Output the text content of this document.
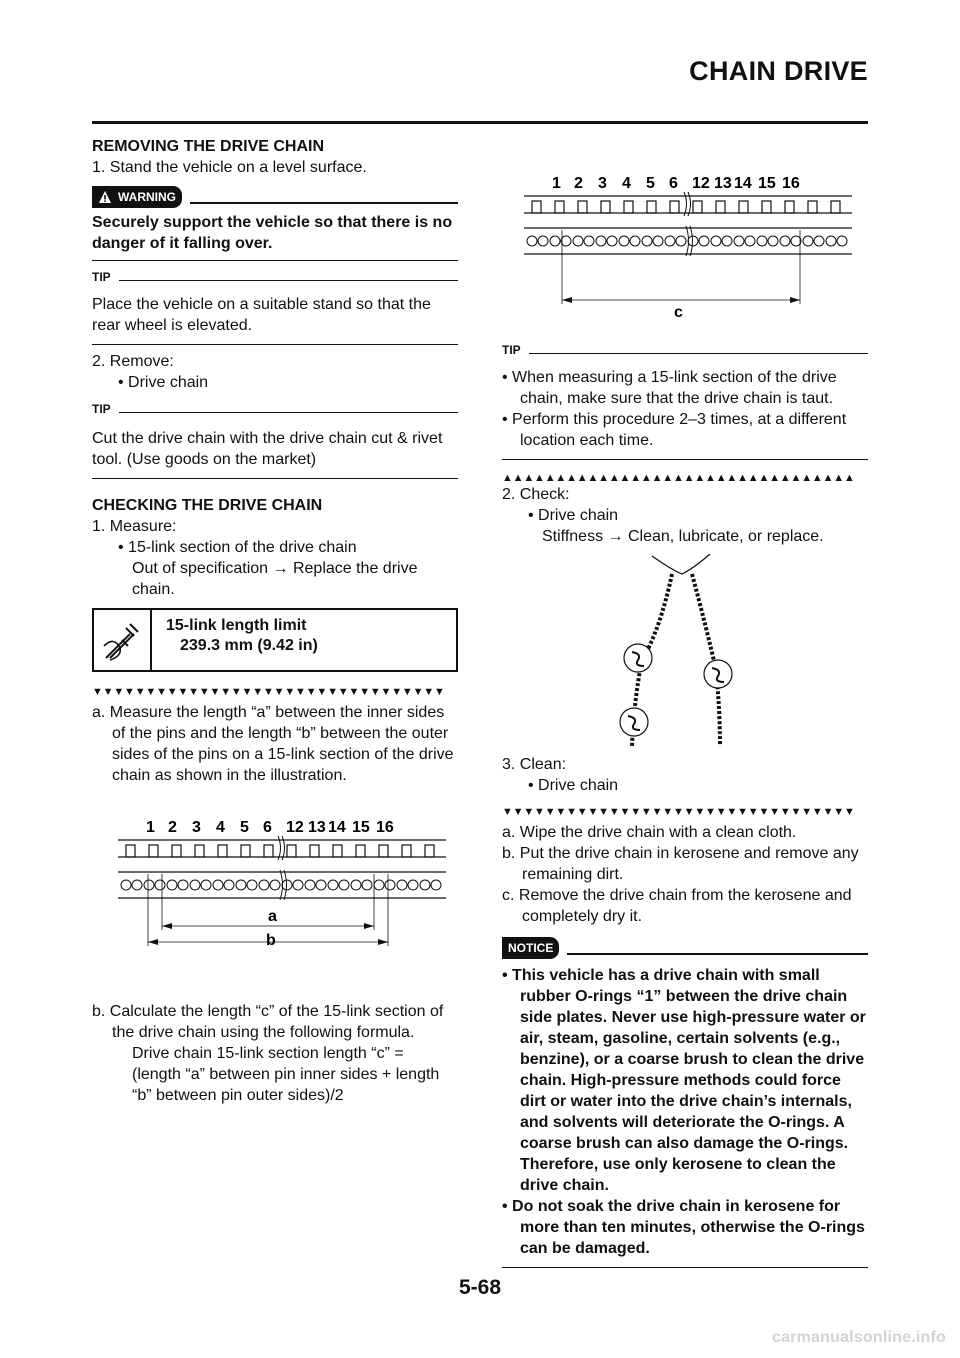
CHAIN DRIVE

REMOVING THE DRIVE CHAIN

1. Stand the vehicle on a level surface.

WARNING

Securely support the vehicle so that there is no danger of it falling over.

TIP

Place the vehicle on a suitable stand so that the rear wheel is elevated.

2. Remove:

• Drive chain

TIP

Cut the drive chain with the drive chain cut & rivet tool. (Use goods on the market)

CHECKING THE DRIVE CHAIN

1. Measure:

• 15-link section of the drive chain

Out of specification → Replace the drive

chain.

15-link length limit
239.3 mm (9.42 in)
▼▼▼▼▼▼▼▼▼▼▼▼▼▼▼▼▼▼▼▼▼▼▼▼▼▼▼▼▼▼▼▼▼

a. Measure the length “a” between the inner sides of the pins and the length “b” between the outer sides of the pins on a 15-link section of the drive chain as shown in the illustration.

1 2 3 4 5 6 12 13 14 15 16
a
b

b. Calculate the length “c” of the 15-link section of the drive chain using the following formula.

Drive chain 15-link section length “c” =

(length “a” between pin inner sides + length “b” between pin outer sides)/2

1 2 3 4 5 6 12 13 14 15 16
c
TIP

• When measuring a 15-link section of the drive chain, make sure that the drive chain is taut.

• Perform this procedure 2–3 times, at a different location each time.

▲▲▲▲▲▲▲▲▲▲▲▲▲▲▲▲▲▲▲▲▲▲▲▲▲▲▲▲▲▲▲▲▲

2. Check:

• Drive chain

Stiffness → Clean, lubricate, or replace.

3. Clean:

• Drive chain

▼▼▼▼▼▼▼▼▼▼▼▼▼▼▼▼▼▼▼▼▼▼▼▼▼▼▼▼▼▼▼▼▼

a. Wipe the drive chain with a clean cloth.

b. Put the drive chain in kerosene and remove any remaining dirt.

c. Remove the drive chain from the kerosene and completely dry it.

NOTICE

• This vehicle has a drive chain with small rubber O-rings “1” between the drive chain side plates. Never use high-pressure water or air, steam, gasoline, certain solvents (e.g., benzine), or a coarse brush to clean the drive chain. High-pressure methods could force dirt or water into the drive chain’s internals, and solvents will deteriorate the O-rings. A coarse brush can also damage the O-rings. Therefore, use only kerosene to clean the drive chain.

• Do not soak the drive chain in kerosene for more than ten minutes, otherwise the O-rings can be damaged.

5-68
carmanualsonline.info
